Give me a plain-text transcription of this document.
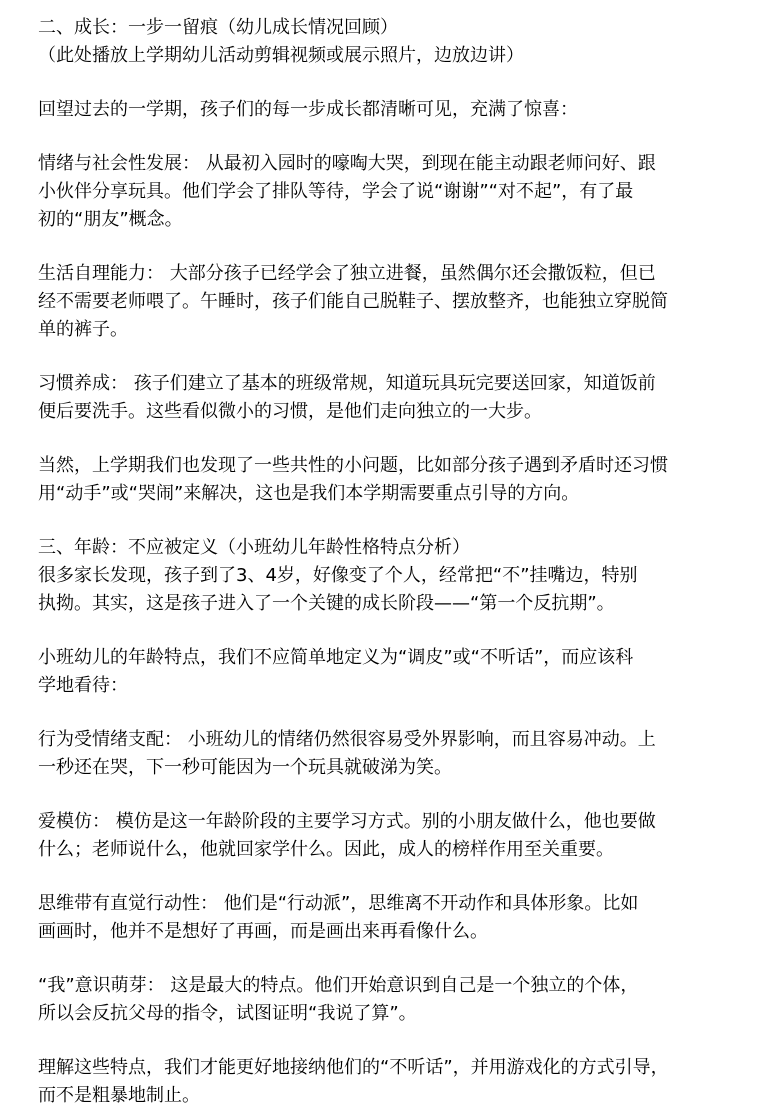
二、成长：一步一留痕（幼儿成长情况回顾）
（此处播放上学期幼儿活动剪辑视频或展示照片，边放边讲）
回望过去的一学期，孩子们的每一步成长都清晰可见，充满了惊喜：
情绪与社会性发展： 从最初入园时的嚎啕大哭，到现在能主动跟老师问好、跟
小伙伴分享玩具。他们学会了排队等待，学会了说“谢谢”“对不起”，有了最
初的“朋友”概念。
生活自理能力： 大部分孩子已经学会了独立进餐，虽然偶尔还会撒饭粒，但已
经不需要老师喂了。午睡时，孩子们能自己脱鞋子、摆放整齐，也能独立穿脱简
单的裤子。
习惯养成： 孩子们建立了基本的班级常规，知道玩具玩完要送回家，知道饭前
便后要洗手。这些看似微小的习惯，是他们走向独立的一大步。
当然，上学期我们也发现了一些共性的小问题，比如部分孩子遇到矛盾时还习惯
用“动手”或“哭闹”来解决，这也是我们本学期需要重点引导的方向。
三、年龄：不应被定义（小班幼儿年龄性格特点分析）
很多家长发现，孩子到了3、4岁，好像变了个人，经常把“不”挂嘴边，特别
执拗。其实，这是孩子进入了一个关键的成长阶段——“第一个反抗期”。
小班幼儿的年龄特点，我们不应简单地定义为“调皮”或“不听话”，而应该科
学地看待：
行为受情绪支配： 小班幼儿的情绪仍然很容易受外界影响，而且容易冲动。上
一秒还在哭，下一秒可能因为一个玩具就破涕为笑。
爱模仿： 模仿是这一年龄阶段的主要学习方式。别的小朋友做什么，他也要做
什么；老师说什么，他就回家学什么。因此，成人的榜样作用至关重要。
思维带有直觉行动性： 他们是“行动派”，思维离不开动作和具体形象。比如
画画时，他并不是想好了再画，而是画出来再看像什么。
“我”意识萌芽： 这是最大的特点。他们开始意识到自己是一个独立的个体，
所以会反抗父母的指令，试图证明“我说了算”。
理解这些特点，我们才能更好地接纳他们的“不听话”，并用游戏化的方式引导，
而不是粗暴地制止。
